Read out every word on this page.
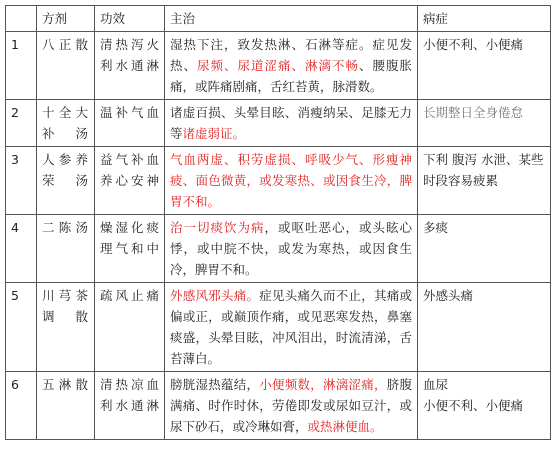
	方剂	功效	主治	病症
1	八正散	清热泻火利水通淋	湿热下注，致发热淋、石淋等症。症见发热、尿频、尿道涩痛、淋漓不畅、腰腹胀痛，或阵痛剧痛，舌红苔黄，脉滑数。	小便不利、小便痛

2	十全大补汤	温补气血	诸虚百损、头晕目眩、消瘦纳呆、足膝无力等诸虚弱证。	长期整日全身倦怠

3	人参养荣汤	益气补血养心安神	气血两虚、积劳虚损、呼吸少气、形瘦神疲、面色微黄，或发寒热、或因食生冷，脾胃不和。	下利 腹泻 水泄、某些时段容易疲累

4	二陈汤	燥湿化痰理气和中	治一切痰饮为病，或呕吐恶心，或头眩心悸，或中脘不快，或发为寒热，或因食生冷，脾胃不和。	多痰

5	川芎茶调散	疏风止痛	外感风邪头痛。症见头痛久而不止，其痛或偏或正，或巅顶作痛，或见恶寒发热，鼻塞痰盛，头晕目眩，冲风泪出，时流清涕，舌苔薄白。	外感头痛

6	五淋散	清热凉血利水通淋	膀胱湿热蕴结，小便频数，淋漓涩痛，脐腹满痛、时作时休，劳倦即发或尿如豆汁，或尿下砂石，或冷琳如膏，或热淋便血。	血尿
小便不利、小便痛
